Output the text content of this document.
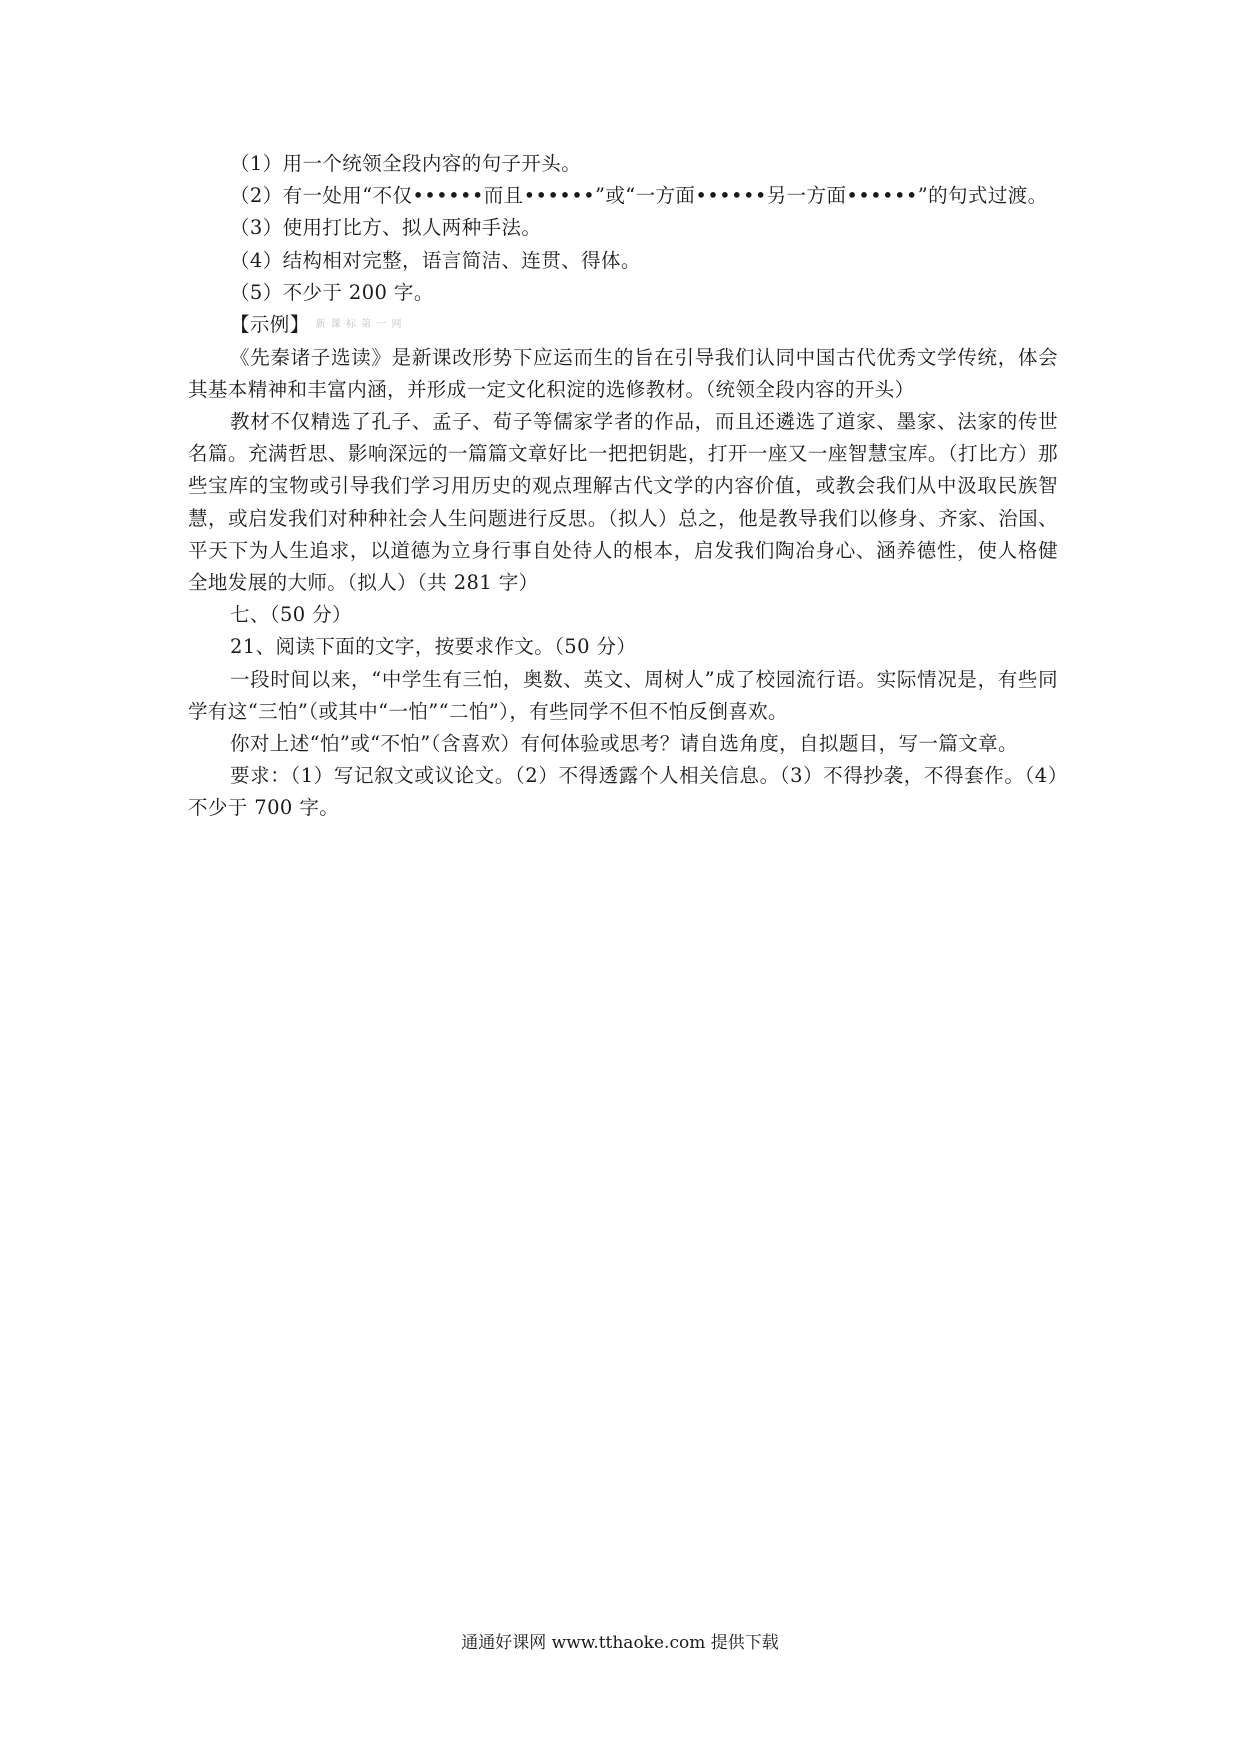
（1）用一个统领全段内容的句子开头。
（2）有一处用“不仅••••••而且••••••”或“一方面••••••另一方面••••••”的句式过渡。
（3）使用打比方、拟人两种手法。
（4）结构相对完整，语言简洁、连贯、得体。
（5）不少于 200 字。
【示例】 新 课 标 第 一 网
《先秦诸子选读》是新课改形势下应运而生的旨在引导我们认同中国古代优秀文学传统，体会其基本精神和丰富内涵，并形成一定文化积淀的选修教材。（统领全段内容的开头）
教材不仅精选了孔子、孟子、荀子等儒家学者的作品，而且还遴选了道家、墨家、法家的传世名篇。充满哲思、影响深远的一篇篇文章好比一把把钥匙，打开一座又一座智慧宝库。（打比方）那些宝库的宝物或引导我们学习用历史的观点理解古代文学的内容价值，或教会我们从中汲取民族智慧，或启发我们对种种社会人生问题进行反思。（拟人）总之，他是教导我们以修身、齐家、治国、平天下为人生追求，以道德为立身行事自处待人的根本，启发我们陶冶身心、涵养德性，使人格健全地发展的大师。（拟人）（共 281 字）
七、（50 分）
21、阅读下面的文字，按要求作文。（50 分）
一段时间以来，“中学生有三怕，奥数、英文、周树人”成了校园流行语。实际情况是，有些同学有这“三怕”（或其中“一怕”“二怕”），有些同学不但不怕反倒喜欢。
你对上述“怕”或“不怕”（含喜欢）有何体验或思考？请自选角度，自拟题目，写一篇文章。
要求：（1）写记叙文或议论文。（2）不得透露个人相关信息。（3）不得抄袭，不得套作。（4）不少于 700 字。
通通好课网 www.tthaoke.com 提供下载
